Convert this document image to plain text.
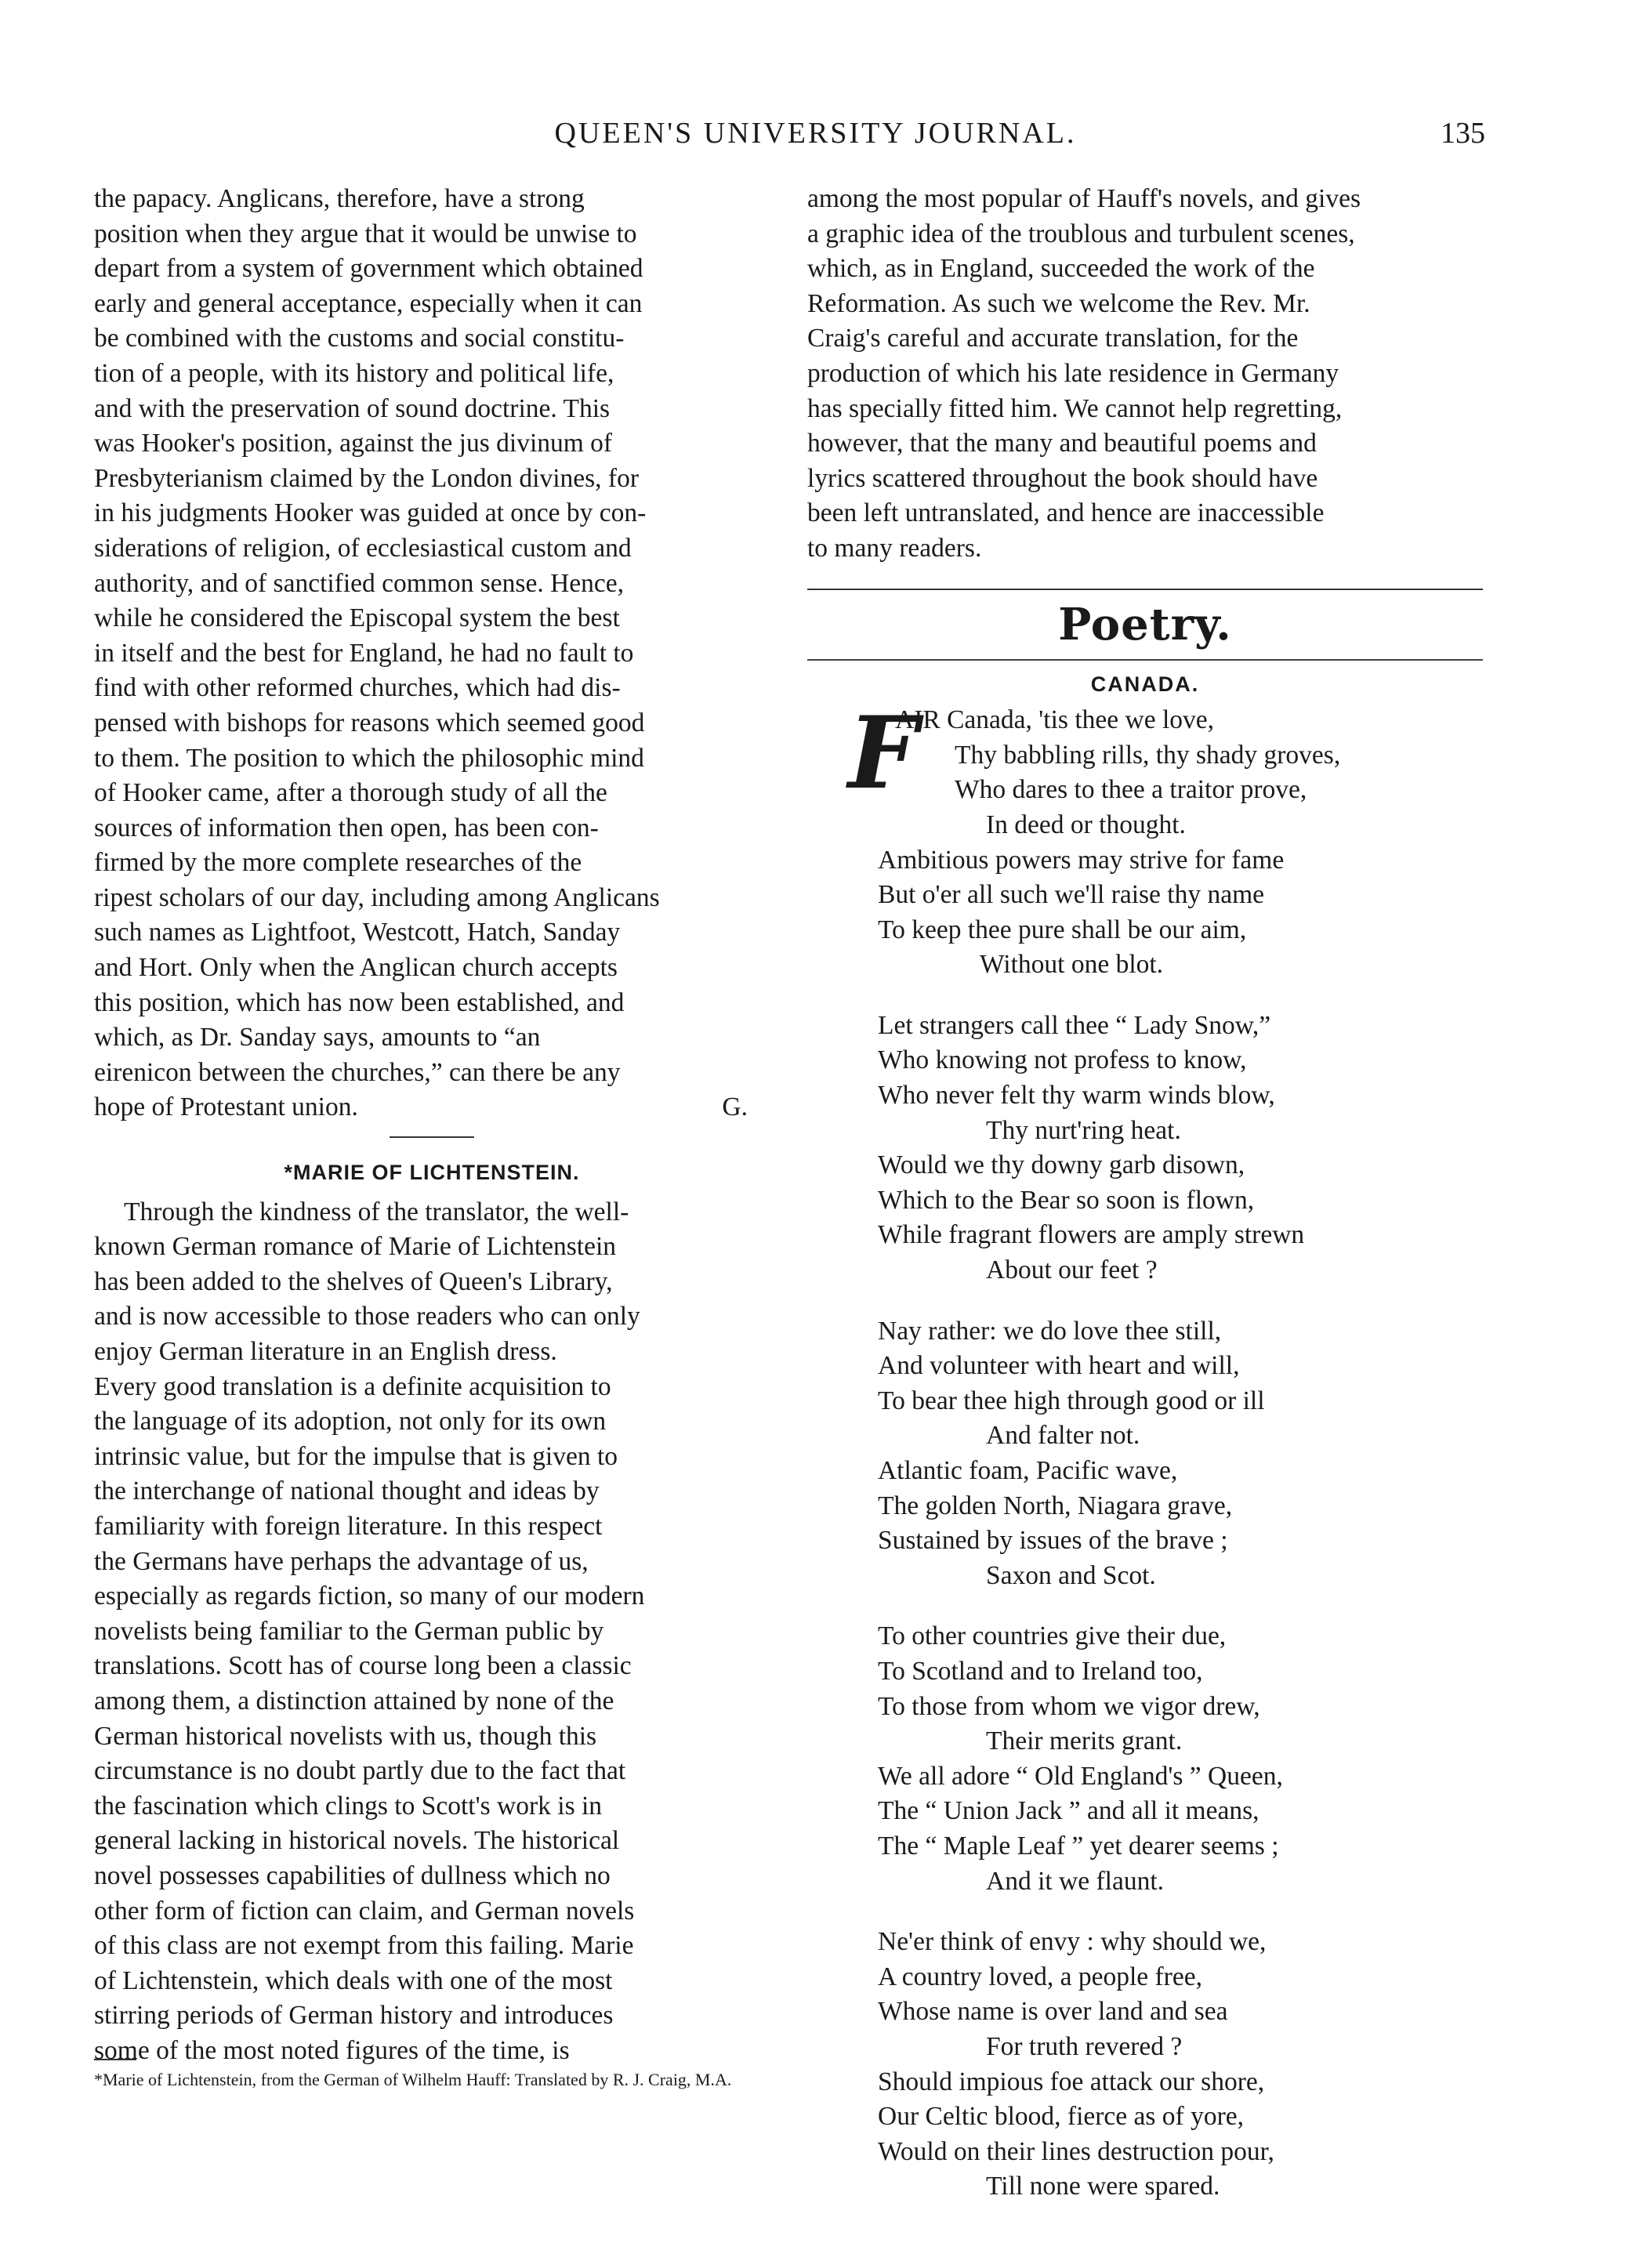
QUEEN'S UNIVERSITY JOURNAL.	135
the papacy. Anglicans, therefore, have a strong
position when they argue that it would be unwise to
depart from a system of government which obtained
early and general acceptance, especially when it can
be combined with the customs and social constitu-
tion of a people, with its history and political life,
and with the preservation of sound doctrine. This
was Hooker's position, against the jus divinum of
Presbyterianism claimed by the London divines, for
in his judgments Hooker was guided at once by con-
siderations of religion, of ecclesiastical custom and
authority, and of sanctified common sense. Hence,
while he considered the Episcopal system the best
in itself and the best for England, he had no fault to
find with other reformed churches, which had dis-
pensed with bishops for reasons which seemed good
to them. The position to which the philosophic mind
of Hooker came, after a thorough study of all the
sources of information then open, has been con-
firmed by the more complete researches of the
ripest scholars of our day, including among Anglicans
such names as Lightfoot, Westcott, Hatch, Sanday
and Hort. Only when the Anglican church accepts
this position, which has now been established, and
which, as Dr. Sanday says, amounts to “an
eirenicon between the churches,” can there be any
hope of Protestant union.	G.
*MARIE OF LICHTENSTEIN.
Through the kindness of the translator, the well-
known German romance of Marie of Lichtenstein
has been added to the shelves of Queen's Library,
and is now accessible to those readers who can only
enjoy German literature in an English dress.
Every good translation is a definite acquisition to
the language of its adoption, not only for its own
intrinsic value, but for the impulse that is given to
the interchange of national thought and ideas by
familiarity with foreign literature. In this respect
the Germans have perhaps the advantage of us,
especially as regards fiction, so many of our modern
novelists being familiar to the German public by
translations. Scott has of course long been a classic
among them, a distinction attained by none of the
German historical novelists with us, though this
circumstance is no doubt partly due to the fact that
the fascination which clings to Scott's work is in
general lacking in historical novels. The historical
novel possesses capabilities of dullness which no
other form of fiction can claim, and German novels
of this class are not exempt from this failing. Marie
of Lichtenstein, which deals with one of the most
stirring periods of German history and introduces
some of the most noted figures of the time, is

*Marie of Lichtenstein, from the German of Wilhelm Hauff: Translated by R. J. Craig, M.A.

among the most popular of Hauff's novels, and gives
a graphic idea of the troublous and turbulent scenes,
which, as in England, succeeded the work of the
Reformation. As such we welcome the Rev. Mr.
Craig's careful and accurate translation, for the
production of which his late residence in Germany
has specially fitted him. We cannot help regretting,
however, that the many and beautiful poems and
lyrics scattered throughout the book should have
been left untranslated, and hence are inaccessible
to many readers.
Poetry.
CANADA.
F
AIR Canada, 'tis thee we love,
Thy babbling rills, thy shady groves,
Who dares to thee a traitor prove,
In deed or thought.
Ambitious powers may strive for fame
But o'er all such we'll raise thy name
To keep thee pure shall be our aim,
Without one blot.
Let strangers call thee “ Lady Snow,”
Who knowing not profess to know,
Who never felt thy warm winds blow,
Thy nurt'ring heat.
Would we thy downy garb disown,
Which to the Bear so soon is flown,
While fragrant flowers are amply strewn
About our feet ?
Nay rather: we do love thee still,
And volunteer with heart and will,
To bear thee high through good or ill
And falter not.
Atlantic foam, Pacific wave,
The golden North, Niagara grave,
Sustained by issues of the brave ;
Saxon and Scot.
To other countries give their due,
To Scotland and to Ireland too,
To those from whom we vigor drew,
Their merits grant.
We all adore “ Old England's ” Queen,
The “ Union Jack ” and all it means,
The “ Maple Leaf ” yet dearer seems ;
And it we flaunt.
Ne'er think of envy : why should we,
A country loved, a people free,
Whose name is over land and sea
For truth revered ?
Should impious foe attack our shore,
Our Celtic blood, fierce as of yore,
Would on their lines destruction pour,
Till none were spared.
